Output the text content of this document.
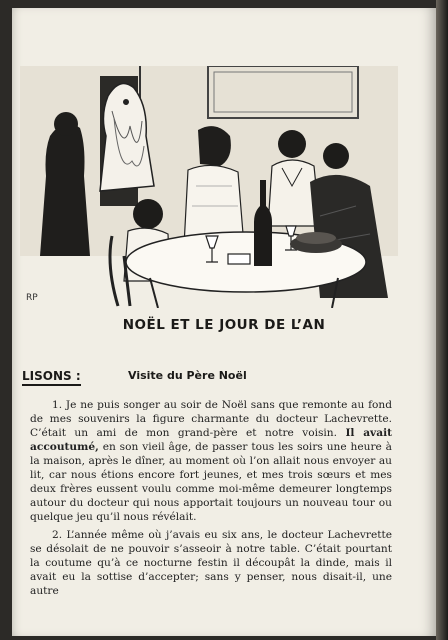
RP
NOËL ET LE JOUR DE L’AN
LISONS :	Visite du Père Noël

1. Je ne puis songer au soir de Noël sans que remonte au fond de mes souvenirs la figure charmante du docteur Lachevrette. C’était un ami de mon grand-père et notre voisin. Il avait accoutumé, en son vieil âge, de passer tous les soirs une heure à la maison, après le dîner, au moment où l’on allait nous envoyer au lit, car nous étions encore fort jeunes, et mes trois sœurs et mes deux frères eussent voulu comme moi-même demeurer longtemps autour du docteur qui nous apportait toujours un nouveau tour ou quelque jeu qu’il nous révélait.

2. L’année même où j’avais eu six ans, le docteur Lachevrette se désolait de ne pouvoir s’asseoir à notre table. C’était pourtant la coutume qu’à ce nocturne festin il découpât la dinde, mais il avait eu la sottise d’accepter; sans y penser, nous disait-il, une autre
